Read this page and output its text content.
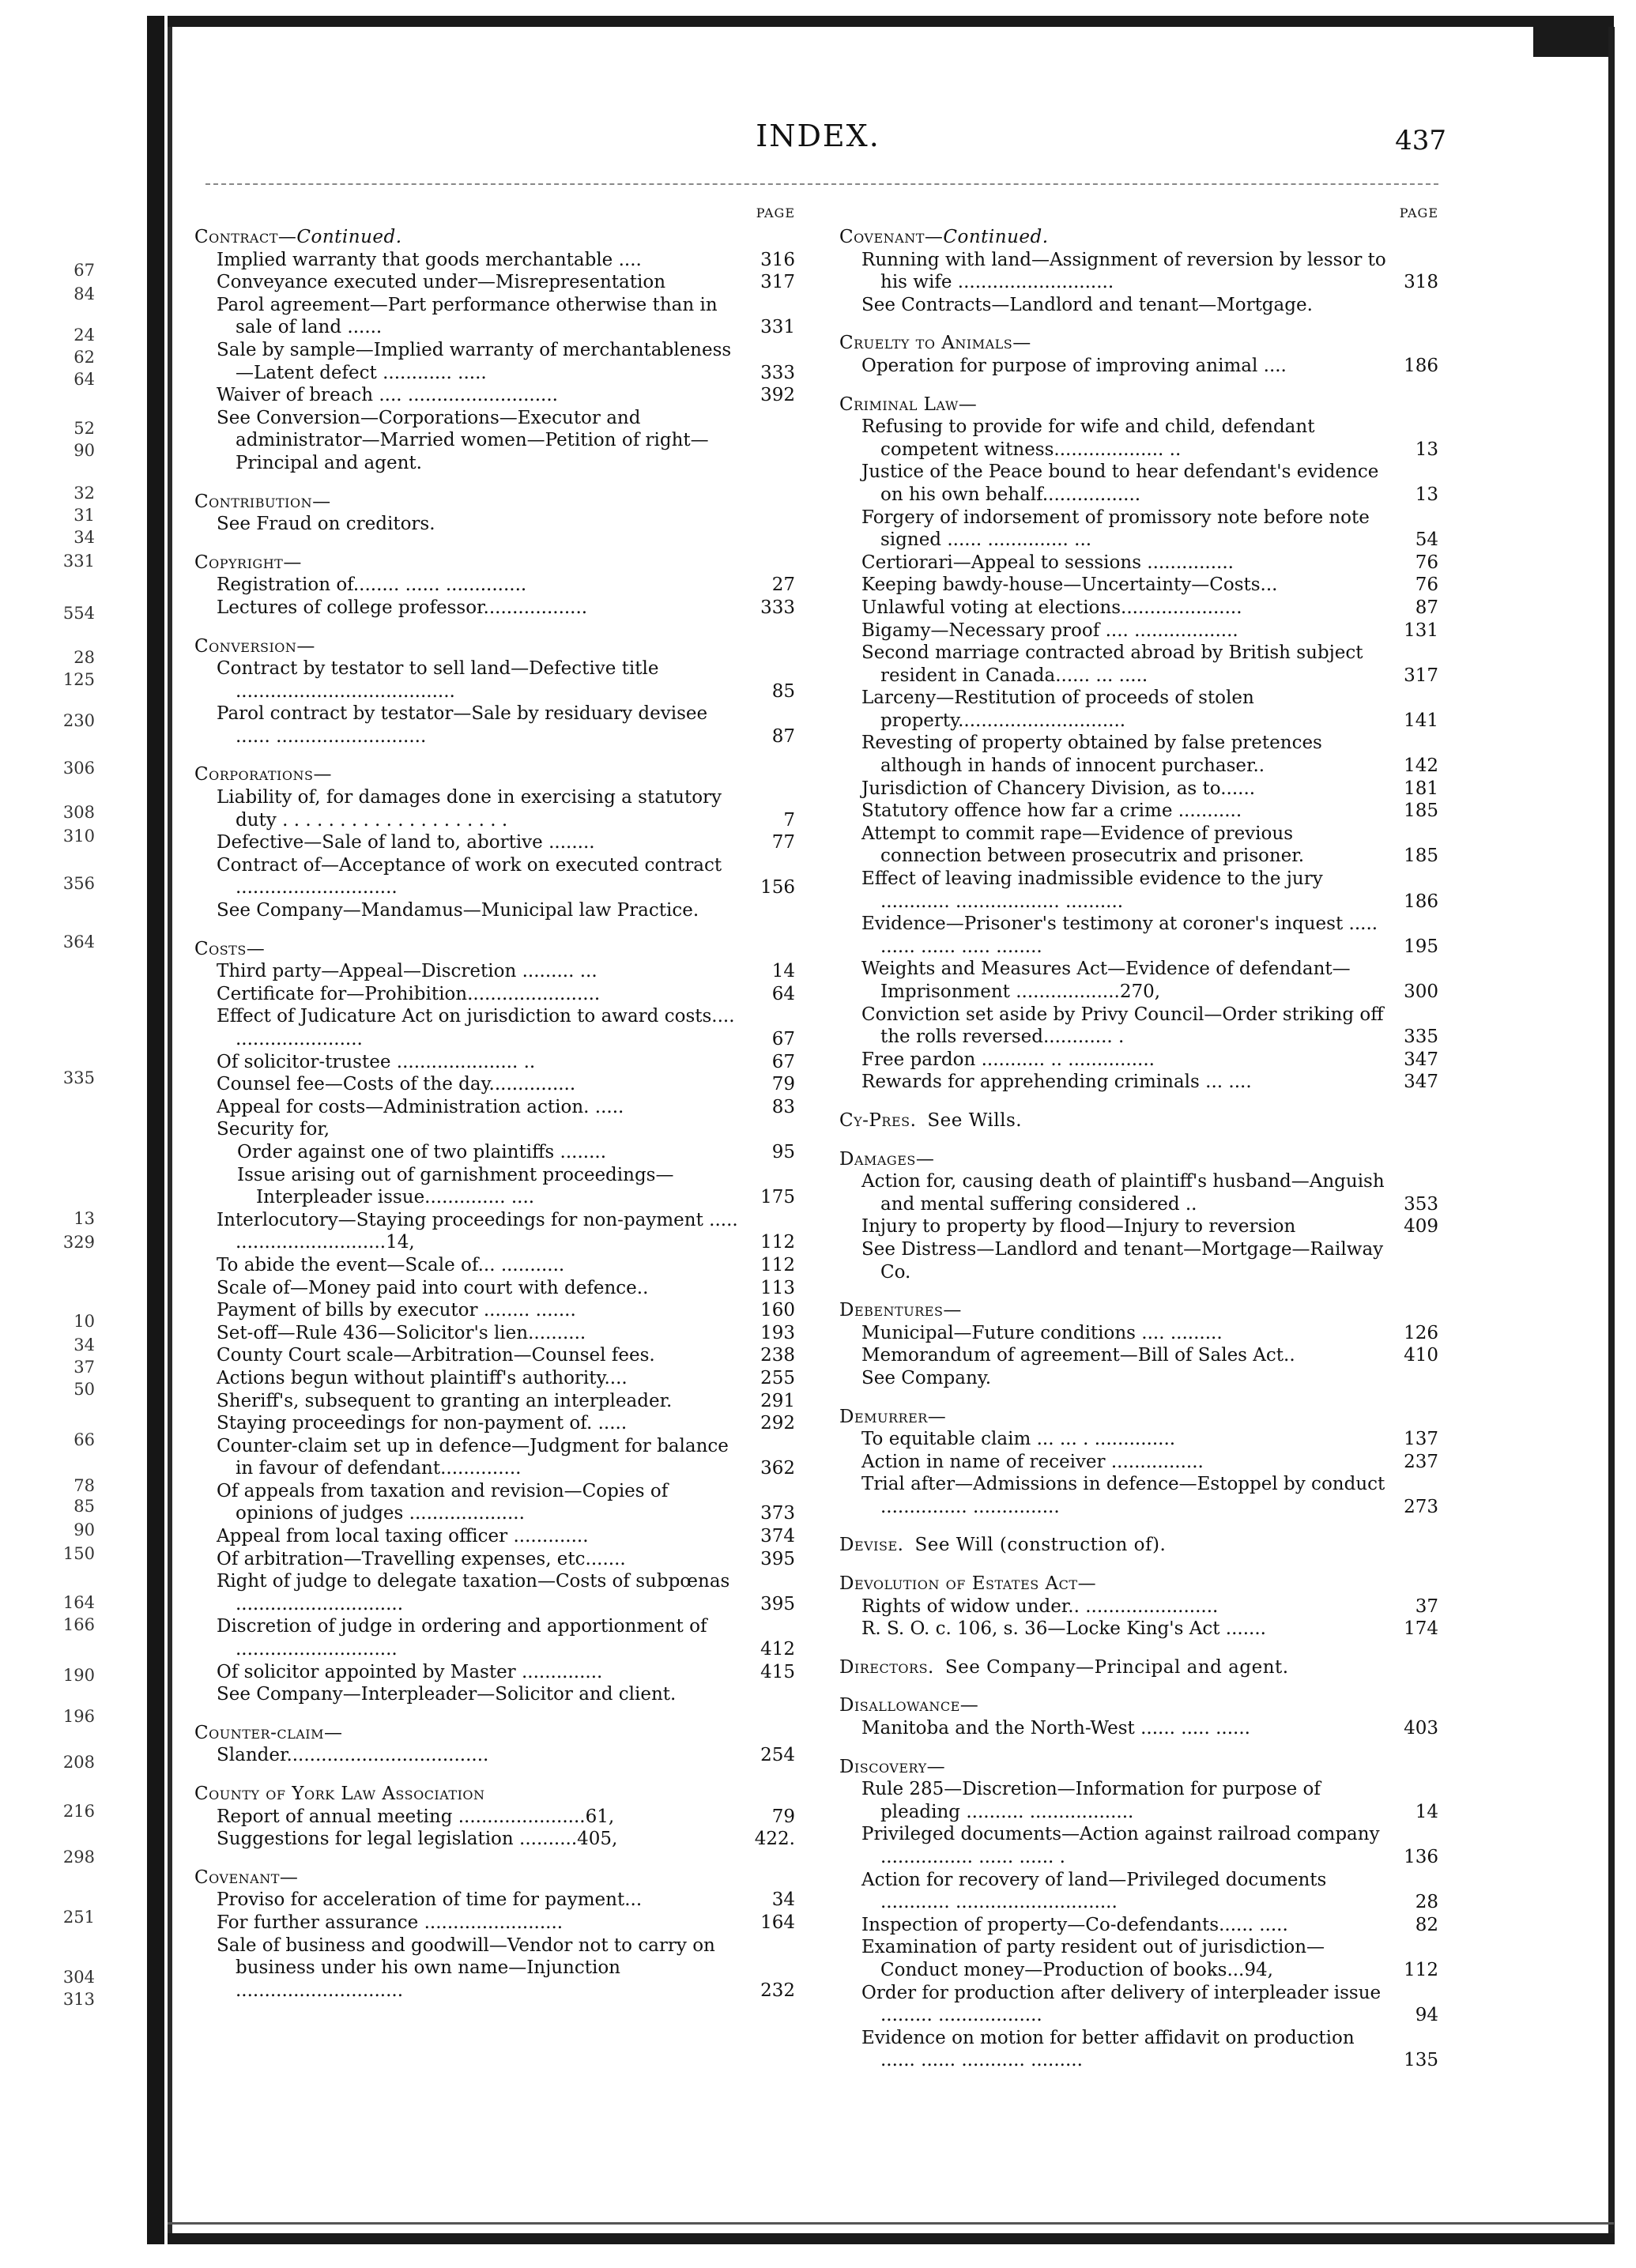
67
84
24
62
64
52
90
32
31
34
331
554
28
125
230
306
308
310
356
364
335
13
329
10
34
37
50
66
78
85
90
150
164
166
190
196
208
216
298
251
304
313
INDEX.	437
PAGE
Contract—Continued.
Implied warranty that goods merchantable ....	316
Conveyance executed under—Misrepresentation	317
Parol agreement—Part performance otherwise than in sale of land ......	331
Sale by sample—Implied warranty of merchantableness—Latent defect ............ .....	333
Waiver of breach .... ..........................	392
See Conversion—Corporations—Executor and administrator—Married women—Petition of right—Principal and agent.
Contribution—
See Fraud on creditors.
Copyright—
Registration of........ ...... ..............	27
Lectures of college professor..................	333
Conversion—
Contract by testator to sell land—Defective title ......................................	85
Parol contract by testator—Sale by residuary devisee ...... ..........................	87
Corporations—
Liability of, for damages done in exercising a statutory duty . . . . . . . . . . . . . . . . . . . .	7
Defective—Sale of land to, abortive ........	77
Contract of—Acceptance of work on executed contract ............................	156
See Company—Mandamus—Municipal law Practice.
Costs—
Third party—Appeal—Discretion ......... ...	14
Certificate for—Prohibition.......................	64
Effect of Judicature Act on jurisdiction to award costs.... ......................	67
Of solicitor-trustee ..................... ..	67
Counsel fee—Costs of the day...............	79
Appeal for costs—Administration action. .....	83
Security for,
Order against one of two plaintiffs ........	95
Issue arising out of garnishment proceedings—Interpleader issue.............. ....	175
Interlocutory—Staying proceedings for non-payment ..... ..........................14,	112
To abide the event—Scale of... ...........	112
Scale of—Money paid into court with defence..	113
Payment of bills by executor ........ .......	160
Set-off—Rule 436—Solicitor's lien..........	193
County Court scale—Arbitration—Counsel fees.	238
Actions begun without plaintiff's authority....	255
Sheriff's, subsequent to granting an interpleader.	291
Staying proceedings for non-payment of. .....	292
Counter-claim set up in defence—Judgment for balance in favour of defendant..............	362
Of appeals from taxation and revision—Copies of opinions of judges ....................	373
Appeal from local taxing officer .............	374
Of arbitration—Travelling expenses, etc.......	395
Right of judge to delegate taxation—Costs of subpœnas .............................	395
Discretion of judge in ordering and apportionment of ............................	412
Of solicitor appointed by Master ..............	415
See Company—Interpleader—Solicitor and client.
Counter-claim—
Slander...................................	254
County of York Law Association
Report of annual meeting ......................61,	79
Suggestions for legal legislation ..........405,	422.
Covenant—
Proviso for acceleration of time for payment...	34
For further assurance ........................	164
Sale of business and goodwill—Vendor not to carry on business under his own name—Injunction .............................	232
PAGE
Covenant—Continued.
Running with land—Assignment of reversion by lessor to his wife ...........................	318
See Contracts—Landlord and tenant—Mortgage.
Cruelty to Animals—
Operation for purpose of improving animal ....	186
Criminal Law—
Refusing to provide for wife and child, defendant competent witness................... ..	13
Justice of the Peace bound to hear defendant's evidence on his own behalf.................	13
Forgery of indorsement of promissory note before note signed ...... .............. ...	54
Certiorari—Appeal to sessions ...............	76
Keeping bawdy-house—Uncertainty—Costs...	76
Unlawful voting at elections.....................	87
Bigamy—Necessary proof .... ..................	131
Second marriage contracted abroad by British subject resident in Canada...... ... .....	317
Larceny—Restitution of proceeds of stolen property.............................	141
Revesting of property obtained by false pretences although in hands of innocent purchaser..	142
Jurisdiction of Chancery Division, as to......	181
Statutory offence how far a crime ...........	185
Attempt to commit rape—Evidence of previous connection between prosecutrix and prisoner.	185
Effect of leaving inadmissible evidence to the jury ............ .................. ..........	186
Evidence—Prisoner's testimony at coroner's inquest ..... ...... ...... ..... ........	195
Weights and Measures Act—Evidence of defendant—Imprisonment ..................270,	300
Conviction set aside by Privy Council—Order striking off the rolls reversed............ .	335
Free pardon ........... .. ...............	347
Rewards for apprehending criminals ... ....	347
Cy-Pres. See Wills.
Damages—
Action for, causing death of plaintiff's husband—Anguish and mental suffering considered ..	353
Injury to property by flood—Injury to reversion	409
See Distress—Landlord and tenant—Mortgage—Railway Co.
Debentures—
Municipal—Future conditions .... .........	126
Memorandum of agreement—Bill of Sales Act..	410
See Company.
Demurrer—
To equitable claim ... ... . ..............	137
Action in name of receiver ................	237
Trial after—Admissions in defence—Estoppel by conduct ............... ...............	273
Devise. See Will (construction of).
Devolution of Estates Act—
Rights of widow under.. .......................	37
R. S. O. c. 106, s. 36—Locke King's Act .......	174
Directors. See Company—Principal and agent.
Disallowance—
Manitoba and the North-West ...... ..... ......	403
Discovery—
Rule 285—Discretion—Information for purpose of pleading .......... ..................	14
Privileged documents—Action against railroad company ................ ...... ...... .	136
Action for recovery of land—Privileged documents ............ ............................	28
Inspection of property—Co-defendants...... .....	82
Examination of party resident out of jurisdiction—Conduct money—Production of books...94,	112
Order for production after delivery of interpleader issue ......... ..................	94
Evidence on motion for better affidavit on production ...... ...... ........... .........	135
